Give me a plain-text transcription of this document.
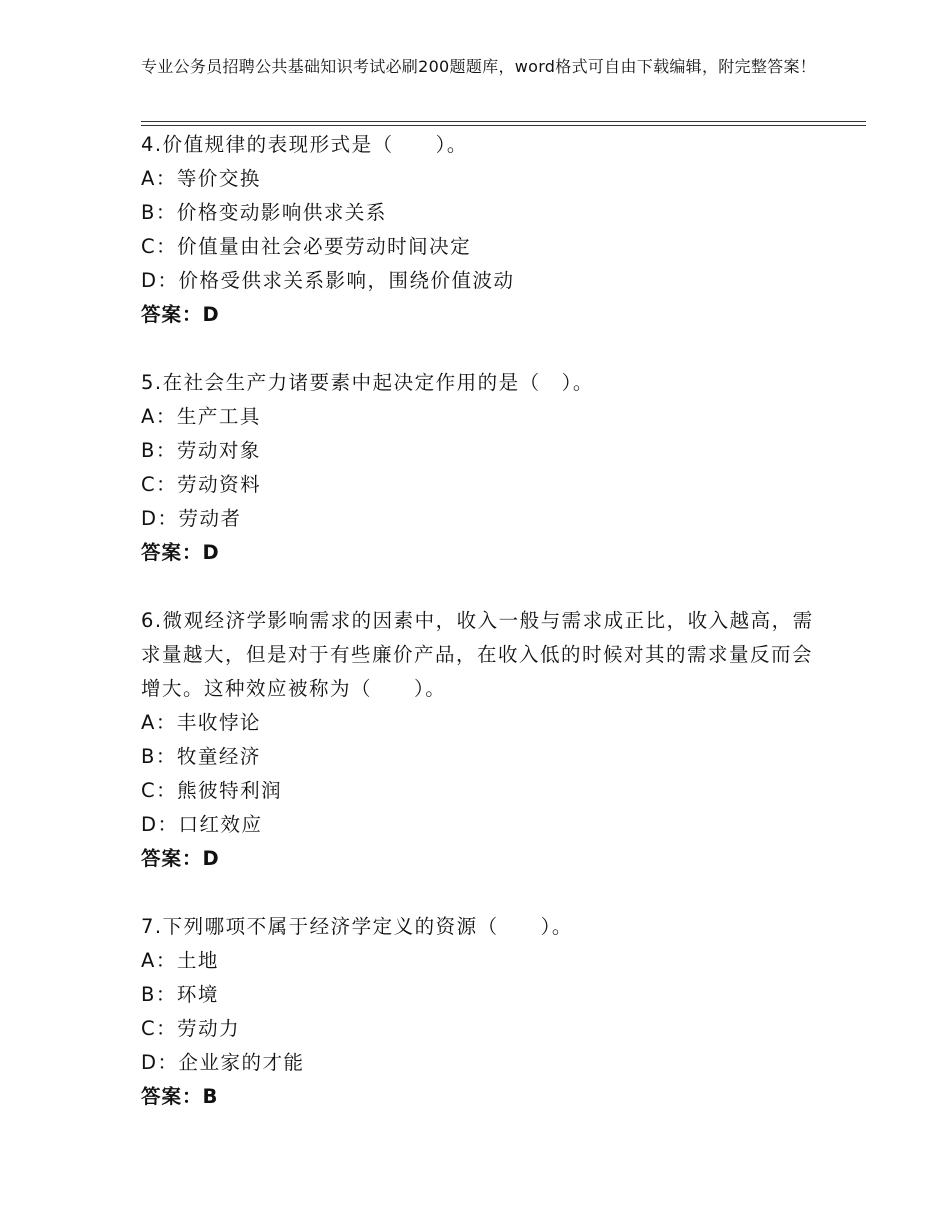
专业公务员招聘公共基础知识考试必刷200题题库，word格式可自由下载编辑，附完整答案！

4.价值规律的表现形式是（　　）。

A：等价交换

B：价格变动影响供求关系

C：价值量由社会必要劳动时间决定

D：价格受供求关系影响，围绕价值波动

答案：D

5.在社会生产力诸要素中起决定作用的是（　）。

A：生产工具

B：劳动对象

C：劳动资料

D：劳动者

答案：D

6.微观经济学影响需求的因素中，收入一般与需求成正比，收入越高，需求量越大，但是对于有些廉价产品，在收入低的时候对其的需求量反而会增大。这种效应被称为（　　）。

A：丰收悖论

B：牧童经济

C：熊彼特利润

D：口红效应

答案：D

7.下列哪项不属于经济学定义的资源（　　）。

A：土地

B：环境

C：劳动力

D：企业家的才能

答案：B
